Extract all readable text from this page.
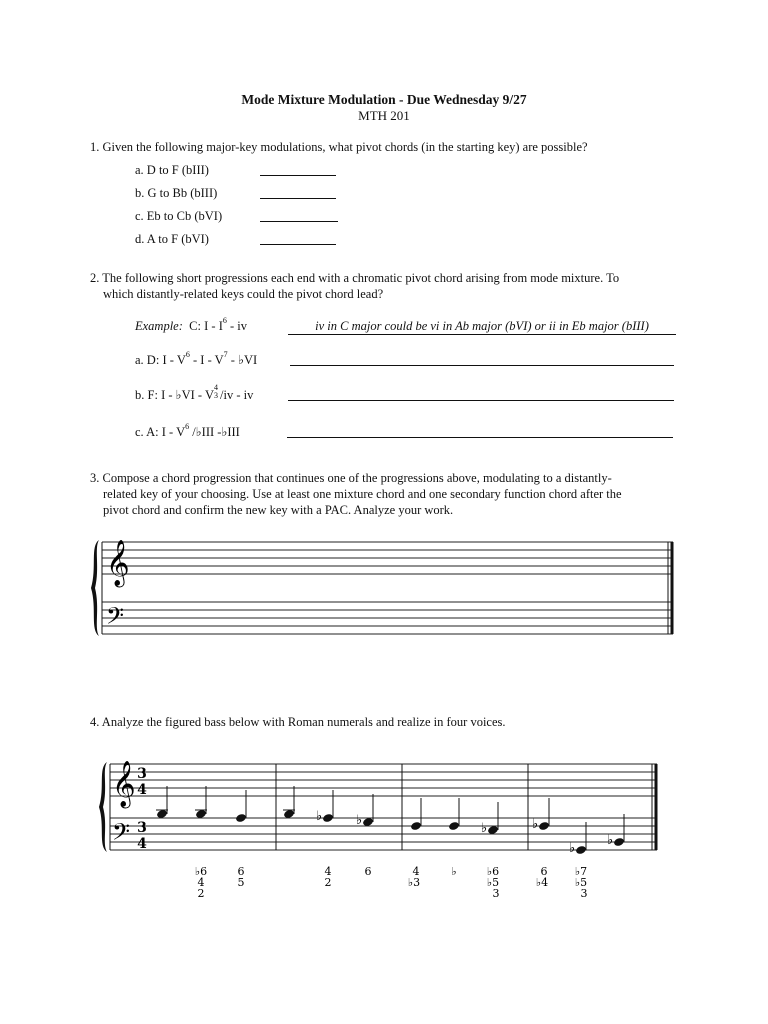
Mode Mixture Modulation - Due Wednesday 9/27
MTH 201
1. Given the following major-key modulations, what pivot chords (in the starting key) are possible?
a. D to F (bIII)
b. G to Bb (bIII)
c. Eb to Cb (bVI)
d. A to F (bVI)
2. The following short progressions each end with a chromatic pivot chord arising from mode mixture. To
which distantly-related keys could the pivot chord lead?
Example: C: I - $I^6$ - iv	iv in C major could be vi in Ab major (bVI) or ii in Eb major (bIII)
a. D: I - $V^6$ - I - $V^7$ - ♭VI
b. F: I - ♭VI - V
4
3 /iv - iv
c. A: I - $V^6$ /♭III -♭III
3. Compose a chord progression that continues one of the progressions above, modulating to a distantly-
related key of your choosing. Use at least one mixture chord and one secondary function chord after the
pivot chord and confirm the new key with a PAC. Analyze your work.
𝄞
𝄢
4. Analyze the figured bass below with Roman numerals and realize in four voices.
𝄞
𝄢
3
4
3
4
♭	♭
♭	♭
♭
♭
♭6
4
2
6
5
4
2
6	4
♭3
♭	♭6
♭5
3
6
♭4
♭7
♭5
3
